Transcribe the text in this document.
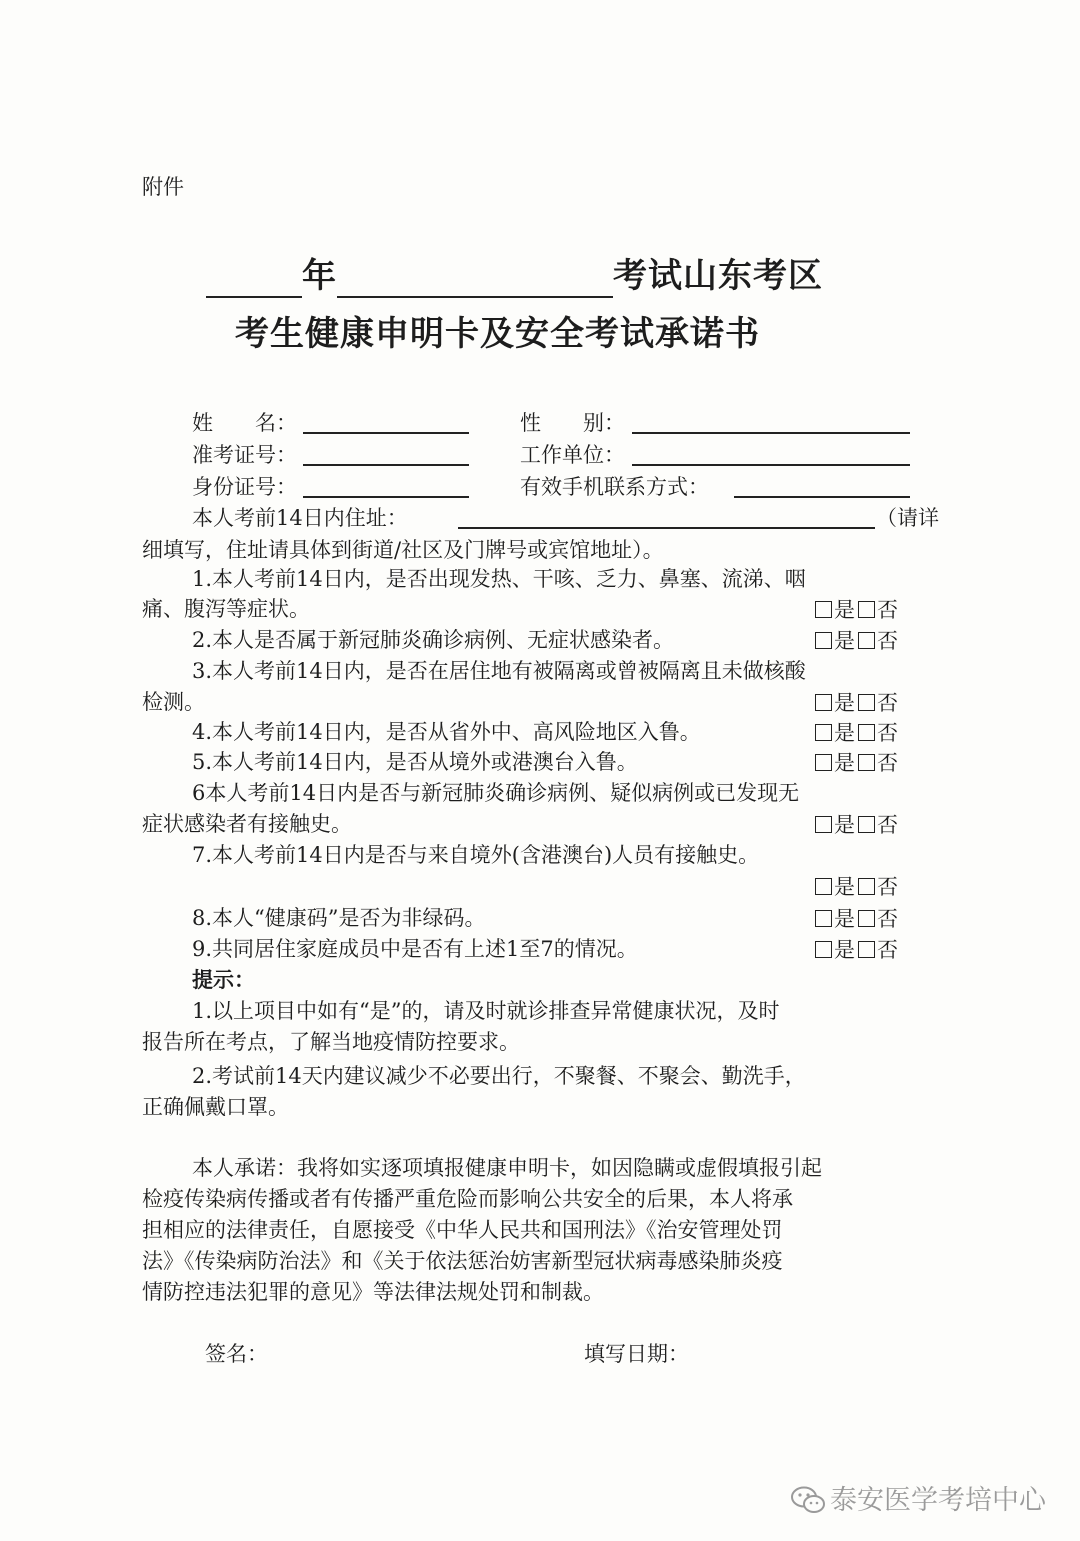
附件
年	考试山东考区
考生健康申明卡及安全考试承诺书
姓　　名：	性　　别：
准考证号：	工作单位：
身份证号：	有效手机联系方式：
本人考前14日内住址：	（请详
细填写，住址请具体到街道/社区及门牌号或宾馆地址）。
1.本人考前14日内，是否出现发热、干咳、乏力、鼻塞、流涕、咽
痛、腹泻等症状。	是 否
2.本人是否属于新冠肺炎确诊病例、无症状感染者。	是 否
3.本人考前14日内，是否在居住地有被隔离或曾被隔离且未做核酸
检测。	是 否
4.本人考前14日内，是否从省外中、高风险地区入鲁。	是 否
5.本人考前14日内，是否从境外或港澳台入鲁。	是 否
6本人考前14日内是否与新冠肺炎确诊病例、疑似病例或已发现无
症状感染者有接触史。	是 否
7.本人考前14日内是否与来自境外(含港澳台)人员有接触史。
是 否
8.本人“健康码”是否为非绿码。	是 否
9.共同居住家庭成员中是否有上述1至7的情况。	是 否
提示：
1.以上项目中如有“是”的，请及时就诊排查异常健康状况，及时
报告所在考点，了解当地疫情防控要求。
2.考试前14天内建议减少不必要出行，不聚餐、不聚会、勤洗手，
正确佩戴口罩。
本人承诺：我将如实逐项填报健康申明卡，如因隐瞒或虚假填报引起
检疫传染病传播或者有传播严重危险而影响公共安全的后果，本人将承
担相应的法律责任，自愿接受《中华人民共和国刑法》《治安管理处罚
法》《传染病防治法》和《关于依法惩治妨害新型冠状病毒感染肺炎疫
情防控违法犯罪的意见》等法律法规处罚和制裁。
签名：	填写日期：
泰安医学考培中心
